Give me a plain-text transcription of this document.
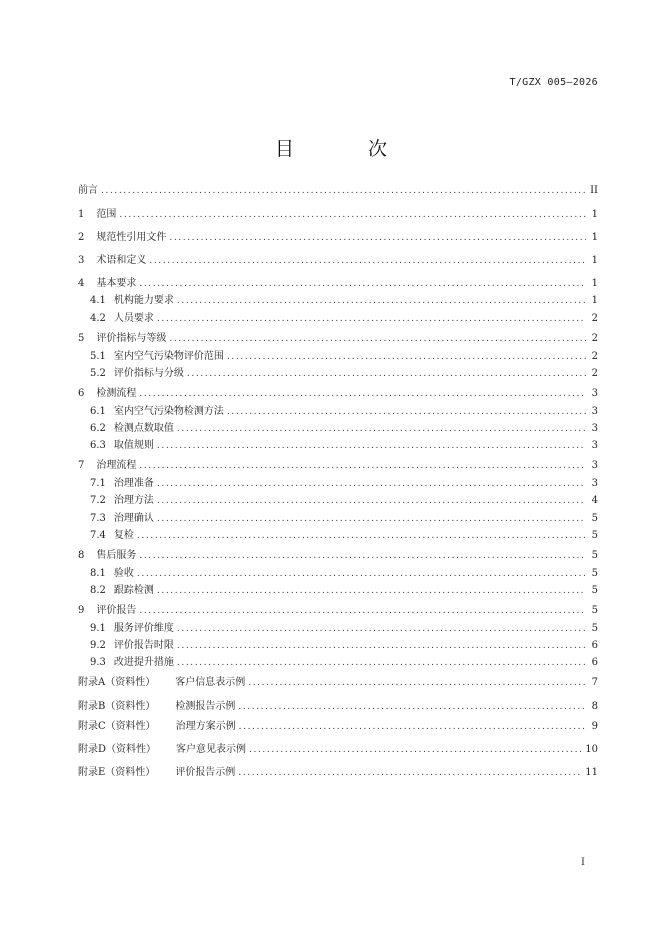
T/GZX 005—2026
目 次
前言 .....	II
1 范围 .....	1
2 规范性引用文件 .....	1
3 术语和定义 .....	1
4 基本要求 .....	1
4.1 机构能力要求 .....	1
4.2 人员要求 .....	2
5 评价指标与等级 .....	2
5.1 室内空气污染物评价范围 .....	2
5.2 评价指标与分级 .....	2
6 检测流程 .....	3
6.1 室内空气污染物检测方法 .....	3
6.2 检测点数取值 .....	3
6.3 取值规则 .....	3
7 治理流程 .....	3
7.1 治理准备 .....	3
7.2 治理方法 .....	4
7.3 治理确认 .....	5
7.4 复检 .....	5
8 售后服务 .....	5
8.1 验收 .....	5
8.2 跟踪检测 .....	5
9 评价报告 .....	5
9.1 服务评价维度 .....	5
9.2 评价报告时限 .....	6
9.3 改进提升措施 .....	6
附录A（资料性） 客户信息表示例 .....	7
附录B（资料性） 检测报告示例 .....	8
附录C（资料性） 治理方案示例 .....	9
附录D（资料性） 客户意见表示例 .....	10
附录E（资料性） 评价报告示例 .....	11
I
